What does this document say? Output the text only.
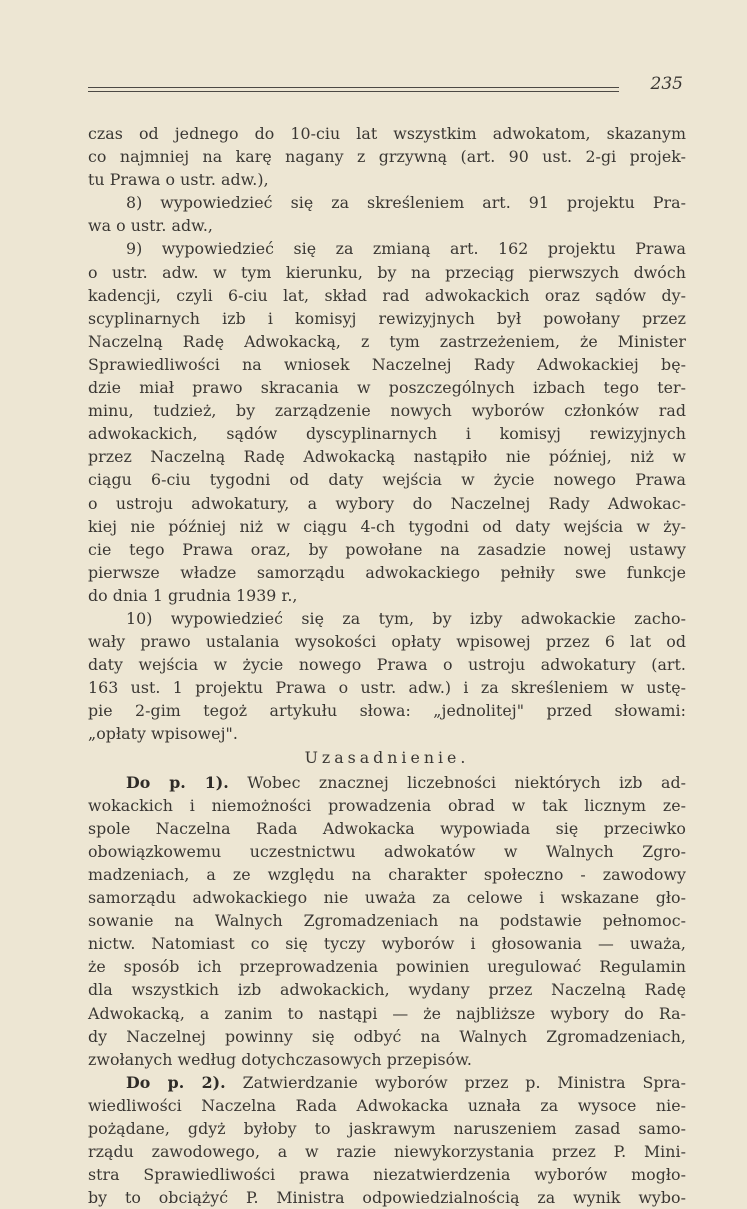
235
czas od jednego do 10-ciu lat wszystkim adwokatom, skazanym
co najmniej na karę nagany z grzywną (art. 90 ust. 2-gi projek-
tu Prawa o ustr. adw.),
8) wypowiedzieć się za skreśleniem art. 91 projektu Pra-
wa o ustr. adw.,
9) wypowiedzieć się za zmianą art. 162 projektu Prawa
o ustr. adw. w tym kierunku, by na przeciąg pierwszych dwóch
kadencji, czyli 6-ciu lat, skład rad adwokackich oraz sądów dy-
scyplinarnych izb i komisyj rewizyjnych był powołany przez
Naczelną Radę Adwokacką, z tym zastrzeżeniem, że Minister
Sprawiedliwości na wniosek Naczelnej Rady Adwokackiej bę-
dzie miał prawo skracania w poszczególnych izbach tego ter-
minu, tudzież, by zarządzenie nowych wyborów członków rad
adwokackich, sądów dyscyplinarnych i komisyj rewizyjnych
przez Naczelną Radę Adwokacką nastąpiło nie później, niż w
ciągu 6-ciu tygodni od daty wejścia w życie nowego Prawa
o ustroju adwokatury, a wybory do Naczelnej Rady Adwokac-
kiej nie później niż w ciągu 4-ch tygodni od daty wejścia w ży-
cie tego Prawa oraz, by powołane na zasadzie nowej ustawy
pierwsze władze samorządu adwokackiego pełniły swe funkcje
do dnia 1 grudnia 1939 r.,
10) wypowiedzieć się za tym, by izby adwokackie zacho-
wały prawo ustalania wysokości opłaty wpisowej przez 6 lat od
daty wejścia w życie nowego Prawa o ustroju adwokatury (art.
163 ust. 1 projektu Prawa o ustr. adw.) i za skreśleniem w ustę-
pie 2-gim tegoż artykułu słowa: „jednolitej" przed słowami:
„opłaty wpisowej".
Uzasadnienie.
Do p. 1). Wobec znacznej liczebności niektórych izb ad-
wokackich i niemożności prowadzenia obrad w tak licznym ze-
spole Naczelna Rada Adwokacka wypowiada się przeciwko
obowiązkowemu uczestnictwu adwokatów w Walnych Zgro-
madzeniach, a ze względu na charakter społeczno - zawodowy
samorządu adwokackiego nie uważa za celowe i wskazane gło-
sowanie na Walnych Zgromadzeniach na podstawie pełnomoc-
nictw. Natomiast co się tyczy wyborów i głosowania — uważa,
że sposób ich przeprowadzenia powinien uregulować Regulamin
dla wszystkich izb adwokackich, wydany przez Naczelną Radę
Adwokacką, a zanim to nastąpi — że najbliższe wybory do Ra-
dy Naczelnej powinny się odbyć na Walnych Zgromadzeniach,
zwołanych według dotychczasowych przepisów.
Do p. 2). Zatwierdzanie wyborów przez p. Ministra Spra-
wiedliwości Naczelna Rada Adwokacka uznała za wysoce nie-
pożądane, gdyż byłoby to jaskrawym naruszeniem zasad samo-
rządu zawodowego, a w razie niewykorzystania przez P. Mini-
stra Sprawiedliwości prawa niezatwierdzenia wyborów mogło-
by to obciążyć P. Ministra odpowiedzialnością za wynik wybo-
